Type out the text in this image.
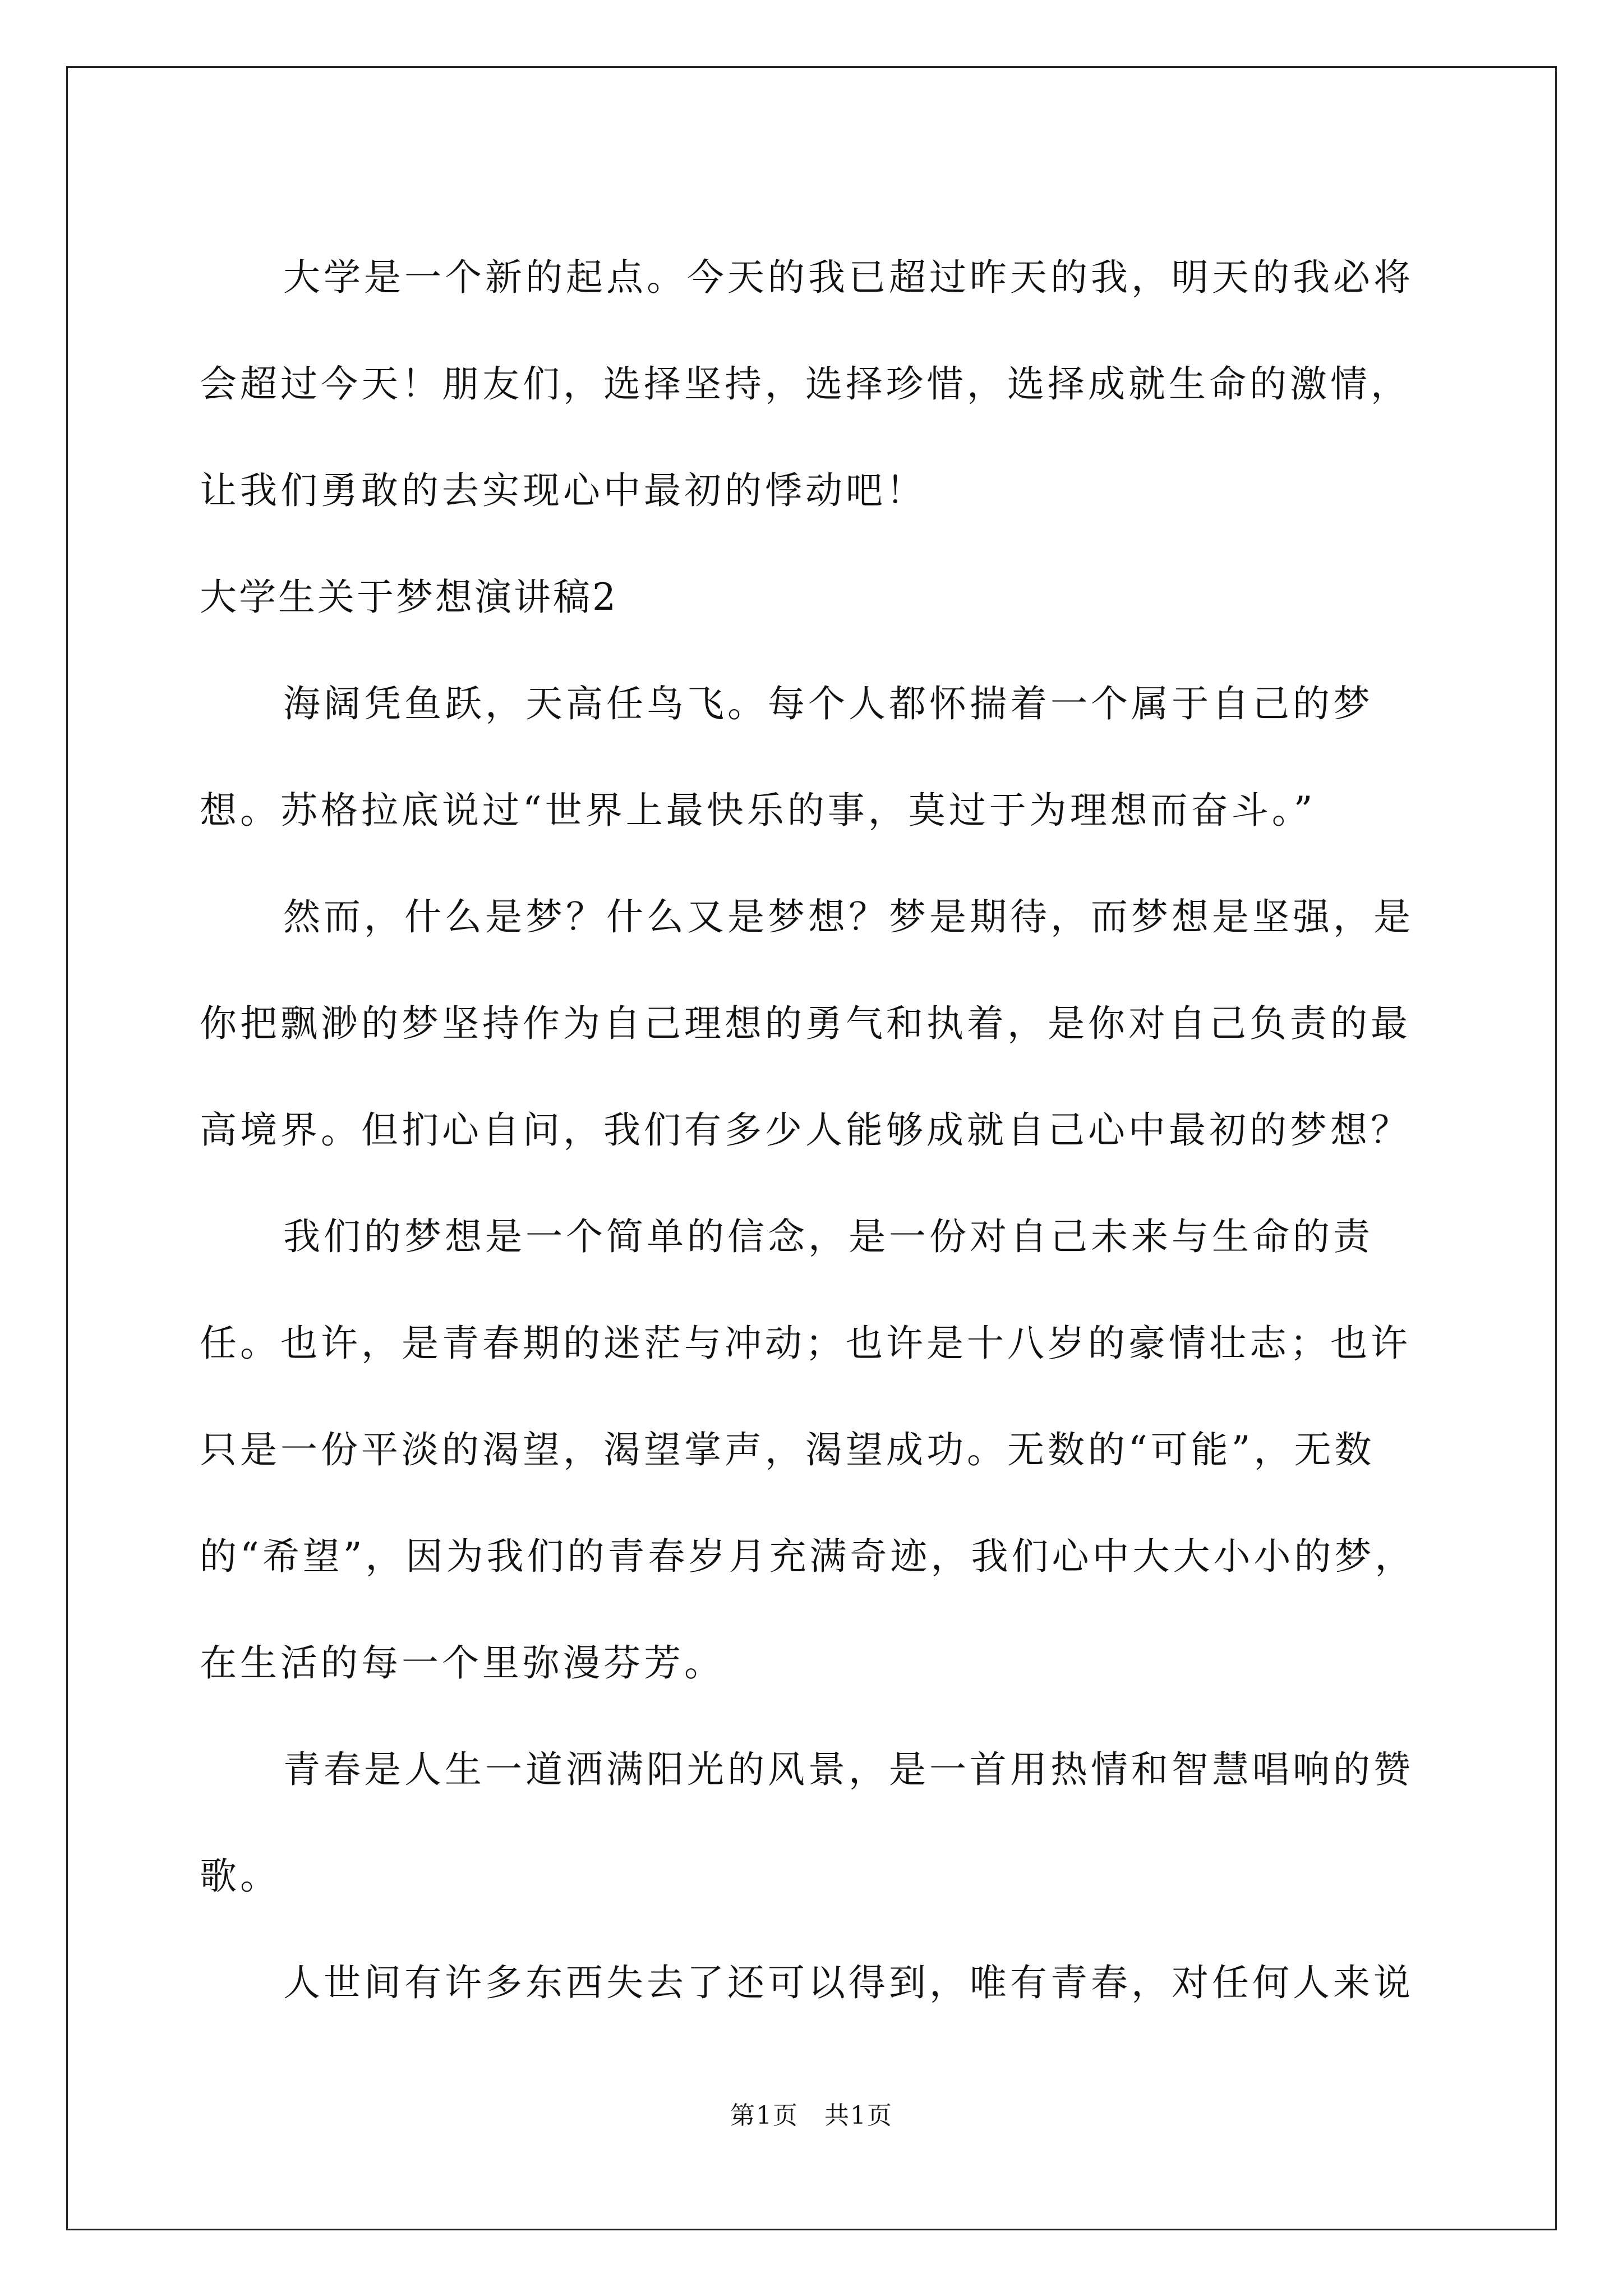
大学是一个新的起点。今天的我已超过昨天的我，明天的我必将会超过今天！朋友们，选择坚持，选择珍惜，选择成就生命的激情，让我们勇敢的去实现心中最初的悸动吧！

大学生关于梦想演讲稿2

海阔凭鱼跃，天高任鸟飞。每个人都怀揣着一个属于自己的梦想。苏格拉底说过“世界上最快乐的事，莫过于为理想而奋斗。”

然而，什么是梦？什么又是梦想？梦是期待，而梦想是坚强，是你把飘渺的梦坚持作为自己理想的勇气和执着，是你对自己负责的最高境界。但扪心自问，我们有多少人能够成就自己心中最初的梦想？

我们的梦想是一个简单的信念，是一份对自己未来与生命的责任。也许，是青春期的迷茫与冲动；也许是十八岁的豪情壮志；也许只是一份平淡的渴望，渴望掌声，渴望成功。无数的“可能”，无数的“希望”，因为我们的青春岁月充满奇迹，我们心中大大小小的梦，在生活的每一个里弥漫芬芳。

青春是人生一道洒满阳光的风景，是一首用热情和智慧唱响的赞歌。

人世间有许多东西失去了还可以得到，唯有青春，对任何人来说

第1页　共1页
